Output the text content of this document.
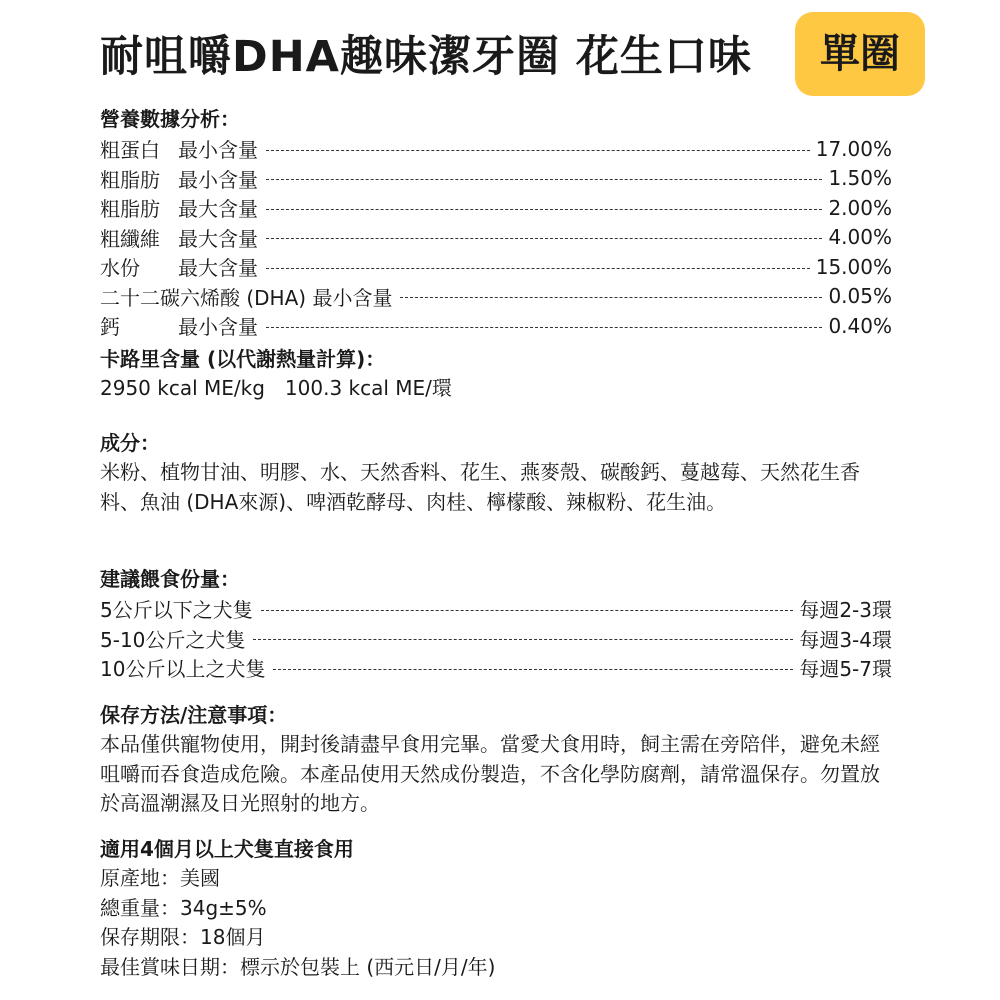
耐咀嚼DHA趣味潔牙圈 花生口味	單圈
營養數據分析：
粗蛋白 最小含量	17.00%
粗脂肪 最小含量	1.50%
粗脂肪 最大含量	2.00%
粗纖維 最大含量	4.00%
水份 最大含量	15.00%
二十二碳六烯酸 (DHA) 最小含量	0.05%
鈣	最小含量	0.40%
卡路里含量 (以代謝熱量計算)：
2950 kcal ME/kg　100.3 kcal ME/環
成分：
米粉、植物甘油、明膠、水、天然香料、花生、燕麥殼、碳酸鈣、蔓越莓、天然花生香料、魚油 (DHA來源)、啤酒乾酵母、肉桂、檸檬酸、辣椒粉、花生油。
建議餵食份量：
5公斤以下之犬隻	每週2-3環
5-10公斤之犬隻	每週3-4環
10公斤以上之犬隻	每週5-7環
保存方法/注意事項：
本品僅供寵物使用，開封後請盡早食用完畢。當愛犬食用時，飼主需在旁陪伴，避免未經咀嚼而吞食造成危險。本產品使用天然成份製造，不含化學防腐劑，請常溫保存。勿置放於高溫潮濕及日光照射的地方。
適用4個月以上犬隻直接食用
原產地：美國
總重量：34g±5%
保存期限：18個月
最佳賞味日期：標示於包裝上 (西元日/月/年)
